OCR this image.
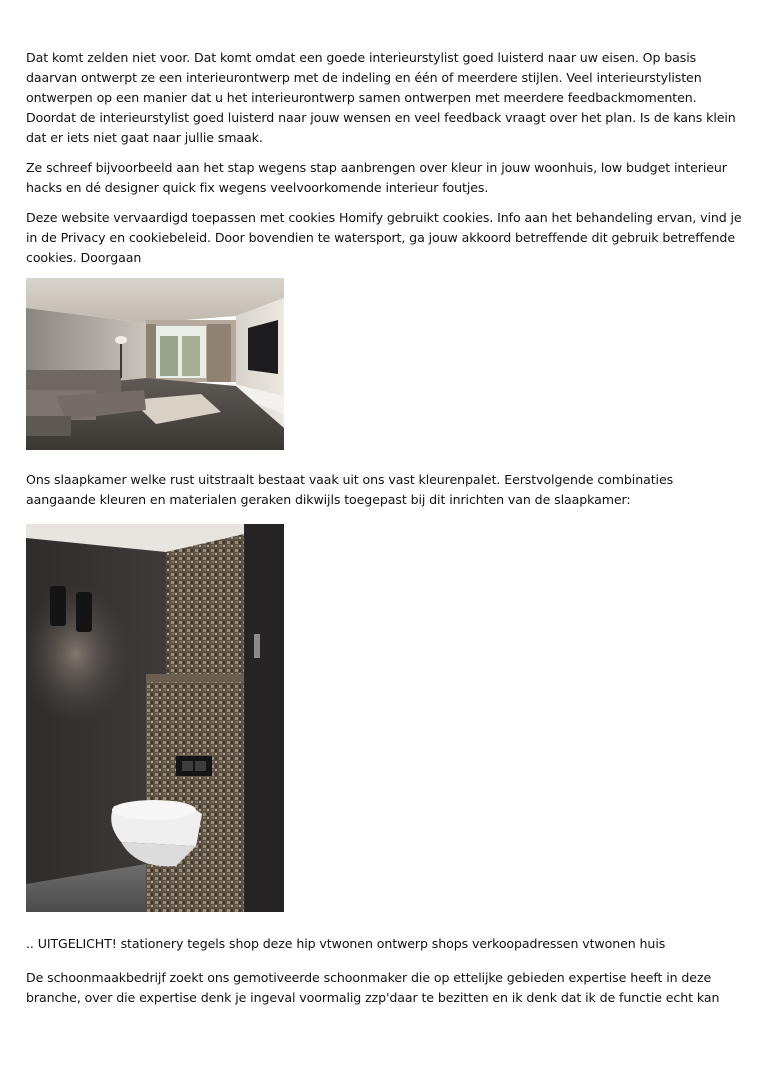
Dat komt zelden niet voor. Dat komt omdat een goede interieurstylist goed luisterd naar uw eisen. Op basis daarvan ontwerpt ze een interieurontwerp met de indeling en één of meerdere stijlen. Veel interieurstylisten ontwerpen op een manier dat u het interieurontwerp samen ontwerpen met meerdere feedbackmomenten. Doordat de interieurstylist goed luisterd naar jouw wensen en veel feedback vraagt over het plan. Is de kans klein dat er iets niet gaat naar jullie smaak.

Ze schreef bijvoorbeeld aan het stap wegens stap aanbrengen over kleur in jouw woonhuis, low budget interieur hacks en dé designer quick fix wegens veelvoorkomende interieur foutjes.

Deze website vervaardigd toepassen met cookies Homify gebruikt cookies. Info aan het behandeling ervan, vind je in de Privacy en cookiebeleid. Door bovendien te watersport, ga jouw akkoord betreffende dit gebruik betreffende cookies. Doorgaan

Ons slaapkamer welke rust uitstraalt bestaat vaak uit ons vast kleurenpalet. Eerstvolgende combinaties aangaande kleuren en materialen geraken dikwijls toegepast bij dit inrichten van de slaapkamer:

.. UITGELICHT! stationery tegels shop deze hip vtwonen ontwerp shops verkoopadressen vtwonen huis

De schoonmaakbedrijf zoekt ons gemotiveerde schoonmaker die op ettelijke gebieden expertise heeft in deze branche, over die expertise denk je ingeval voormalig zzp'daar te bezitten en ik denk dat ik de functie echt kan
